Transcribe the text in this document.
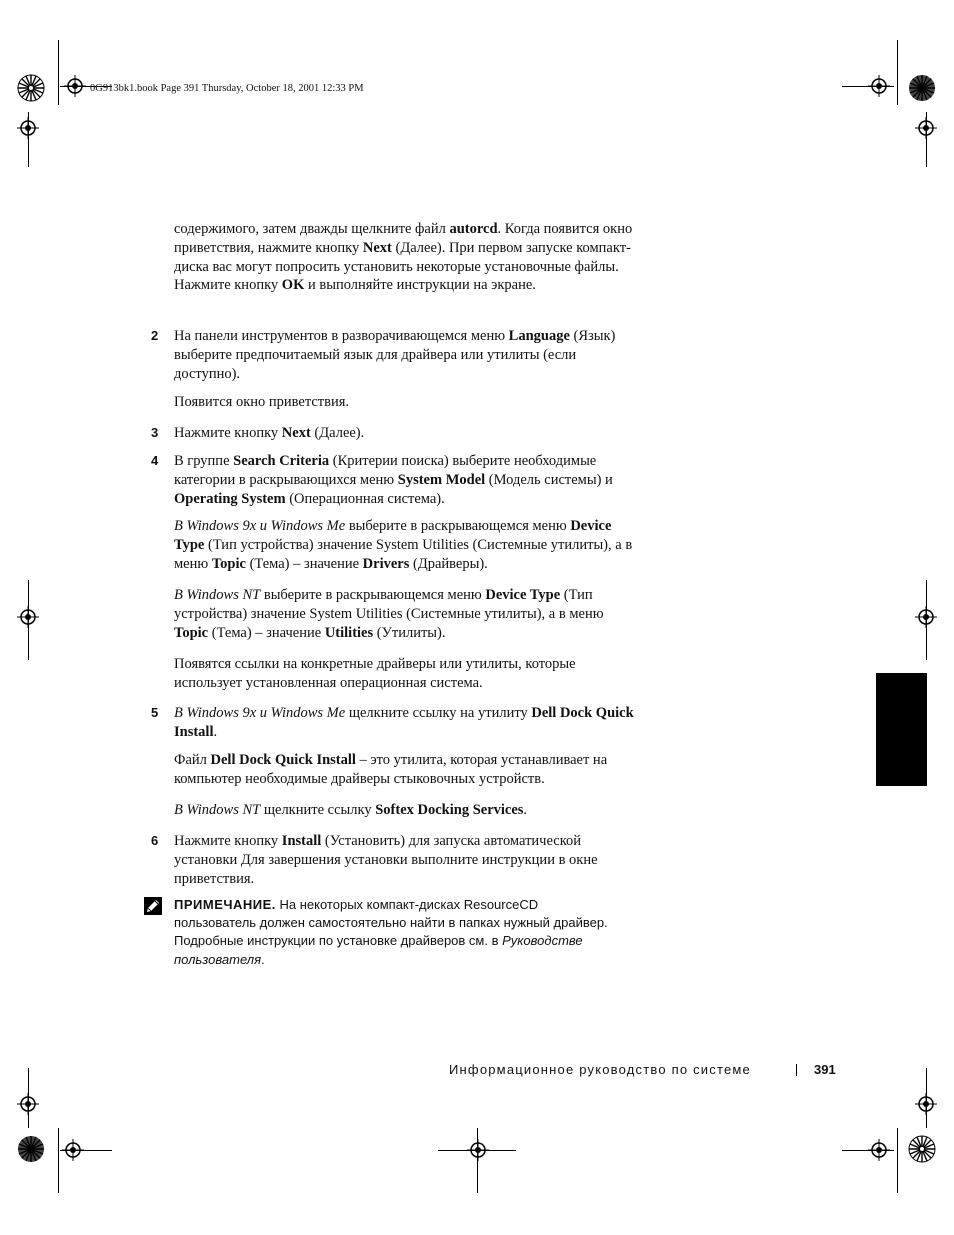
0G913bk1.book Page 391 Thursday, October 18, 2001 12:33 PM
содержимого, затем дважды щелкните файл autorcd. Когда появится окно приветствия, нажмите кнопку Next (Далее). При первом запуске компакт-диска вас могут попросить установить некоторые установочные файлы. Нажмите кнопку OK и выполняйте инструкции на экране.
2 На панели инструментов в разворачивающемся меню Language (Язык) выберите предпочитаемый язык для драйвера или утилиты (если доступно).
Появится окно приветствия.
3 Нажмите кнопку Next (Далее).
4 В группе Search Criteria (Критерии поиска) выберите необходимые категории в раскрывающихся меню System Model (Модель системы) и Operating System (Операционная система).
В Windows 9x и Windows Me выберите в раскрывающемся меню Device Type (Тип устройства) значение System Utilities (Системные утилиты), а в меню Topic (Тема) – значение Drivers (Драйверы).
В Windows NT выберите в раскрывающемся меню Device Type (Тип устройства) значение System Utilities (Системные утилиты), а в меню Topic (Тема) – значение Utilities (Утилиты).
Появятся ссылки на конкретные драйверы или утилиты, которые использует установленная операционная система.
5 В Windows 9x и Windows Me щелкните ссылку на утилиту Dell Dock Quick Install.
Файл Dell Dock Quick Install – это утилита, которая устанавливает на компьютер необходимые драйверы стыковочных устройств.
В Windows NT щелкните ссылку Softex Docking Services.
6 Нажмите кнопку Install (Установить) для запуска автоматической установки Для завершения установки выполните инструкции в окне приветствия.
ПРИМЕЧАНИЕ. На некоторых компакт-дисках ResourceCD пользователь должен самостоятельно найти в папках нужный драйвер. Подробные инструкции по установке драйверов см. в Руководстве пользователя.
Информационное руководство по системе	391
